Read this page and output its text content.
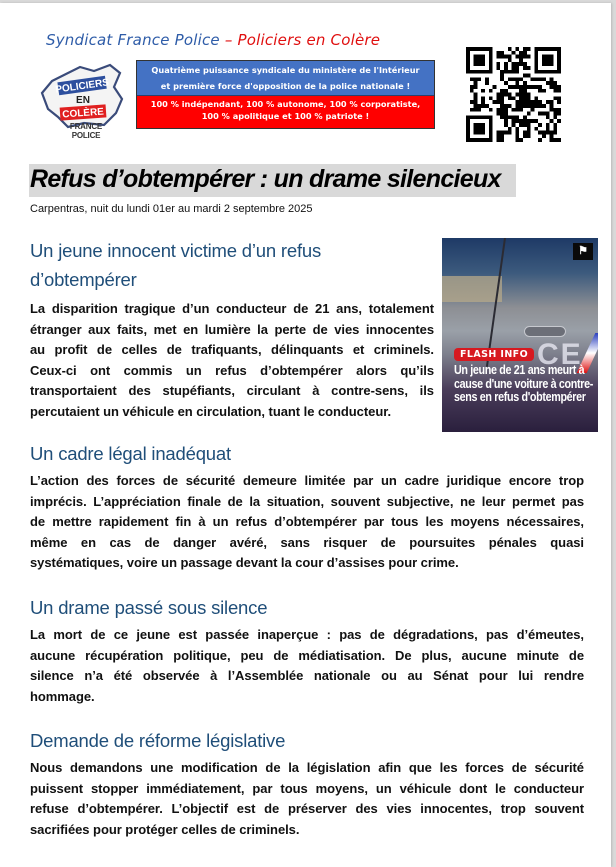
Syndicat France Police – Policiers en Colère
POLICIERS
EN
COLÈRE
FRANCE POLICE
Quatrième puissance syndicale du ministère de l'Intérieur
et première force d'opposition de la police nationale !
100 % indépendant, 100 % autonome, 100 % corporatiste,
100 % apolitique et 100 % patriote !
Refus d’obtempérer : un drame silencieux
Carpentras, nuit du lundi 01er au mardi 2 septembre 2025
Un jeune innocent victime d’un refus
d’obtempérer
La disparition tragique d’un conducteur de 21 ans, totalement
étranger aux faits, met en lumière la perte de vies innocentes
au profit de celles de trafiquants, délinquants et criminels.
Ceux-ci ont commis un refus d’obtempérer alors qu’ils
transportaient des stupéfiants, circulant à contre-sens, ils
percutaient un véhicule en circulation, tuant le conducteur.
CE
⚑
FLASH INFO
Un jeune de 21 ans meurt à cause d'une voiture à contre-sens en refus d'obtempérer
Un cadre légal inadéquat
L’action des forces de sécurité demeure limitée par un cadre juridique encore trop
imprécis. L’appréciation finale de la situation, souvent subjective, ne leur permet pas
de mettre rapidement fin à un refus d’obtempérer par tous les moyens nécessaires,
même en cas de danger avéré, sans risquer de poursuites pénales quasi
systématiques, voire un passage devant la cour d’assises pour crime.
Un drame passé sous silence
La mort de ce jeune est passée inaperçue : pas de dégradations, pas d’émeutes,
aucune récupération politique, peu de médiatisation. De plus, aucune minute de
silence n’a été observée à l’Assemblée nationale ou au Sénat pour lui rendre
hommage.
Demande de réforme législative
Nous demandons une modification de la législation afin que les forces de sécurité
puissent stopper immédiatement, par tous moyens, un véhicule dont le conducteur
refuse d’obtempérer. L’objectif est de préserver des vies innocentes, trop souvent
sacrifiées pour protéger celles de criminels.
